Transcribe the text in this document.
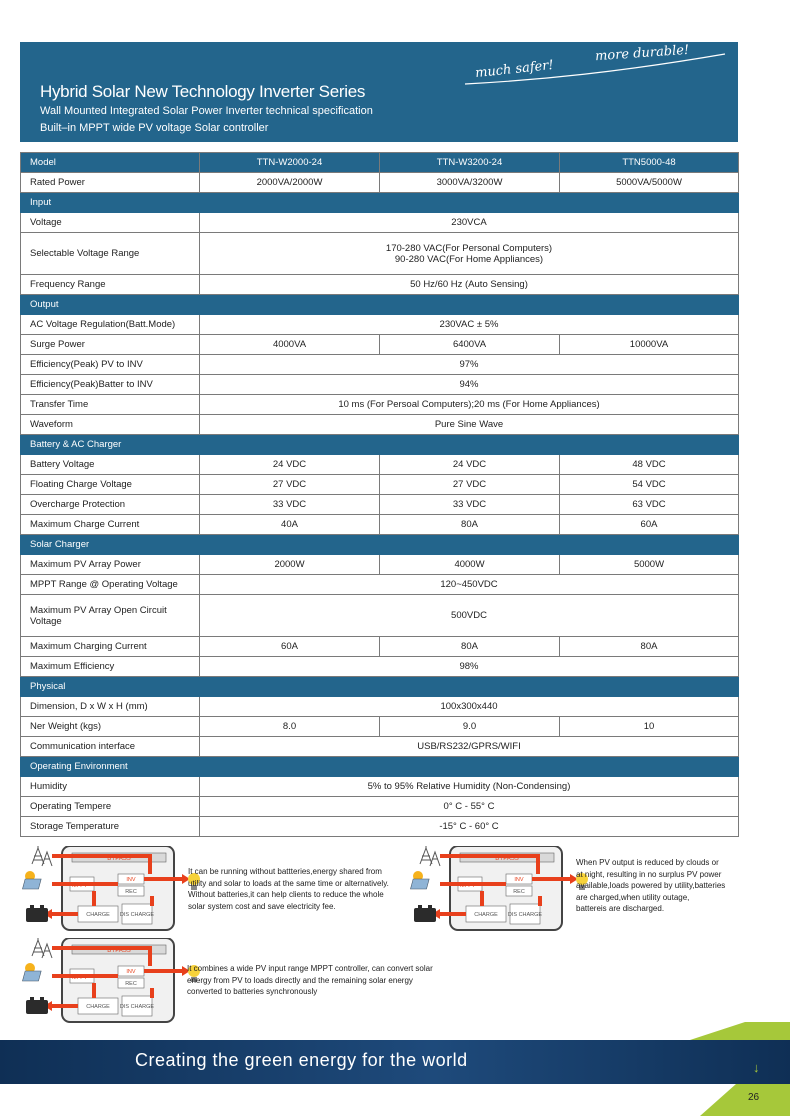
much safer!
more durable!
Hybrid Solar New Technology Inverter Series
Wall Mounted Integrated Solar Power Inverter technical specification
Built–in MPPT wide PV voltage Solar controller
Model	TTN-W2000-24	TTN-W3200-24	TTN5000-48
Rated Power	2000VA/2000W	3000VA/3200W	5000VA/5000W
Input			
Voltage	230VCA		

Selectable Voltage Range	170-280 VAC(For Personal Computers)
90-280 VAC(For Home Appliances)		

Frequency Range	50 Hz/60 Hz (Auto Sensing)		

Output			
AC Voltage Regulation(Batt.Mode)	230VAC ± 5%		

Surge Power	4000VA	6400VA	10000VA
Efficiency(Peak) PV to INV	97%		

Efficiency(Peak)Batter to INV	94%		

Transfer Time	10 ms (For Persoal Computers);20 ms (For Home Appliances)		

Waveform	Pure Sine Wave		

Battery & AC Charger			
Battery Voltage	24 VDC	24 VDC	48 VDC
Floating Charge Voltage	27 VDC	27 VDC	54 VDC
Overcharge Protection	33 VDC	33 VDC	63 VDC
Maximum Charge Current	40A	80A	60A
Solar Charger			
Maximum PV Array Power	2000W	4000W	5000W
MPPT Range @ Operating Voltage	120~450VDC		

Maximum PV Array Open Circuit Voltage	500VDC		

Maximum Charging Current	60A	80A	80A
Maximum Efficiency	98%		

Physical			
Dimension, D x W x H (mm)	100x300x440		

Ner Weight (kgs)	8.0	9.0	10
Communication interface	USB/RS232/GPRS/WIFI		

Operating Environment			
Humidity	5% to 95% Relative Humidity (Non-Condensing)		

Operating Tempere	0° C - 55° C		

Storage Temperature	-15° C - 60° C		
BYPASS
MPPT
INV
REC
CHARGE DIS CHARGE
It can be running without battteries,energy shared from
utility and solar to loads at the same time or alternatively.
Without batteries,it can help clients to reduce the whole
solar system cost and save electricity fee.
BYPASS
MPPT
INV
REC
CHARGE DIS CHARGE
When PV output is reduced by clouds or
at night, resulting in no surplus PV power
available,loads powered by utility,batteries
are charged,when utility outage,
battereis are discharged.
BYPASS
MPPT
INV
REC
CHARGE DIS CHARGE
It combines a wide PV input range MPPT controller, can convert solar
energy from PV to loads directly and the remaining solar energy
converted to batteries synchronously
Creating the green energy for the world	↓
26
